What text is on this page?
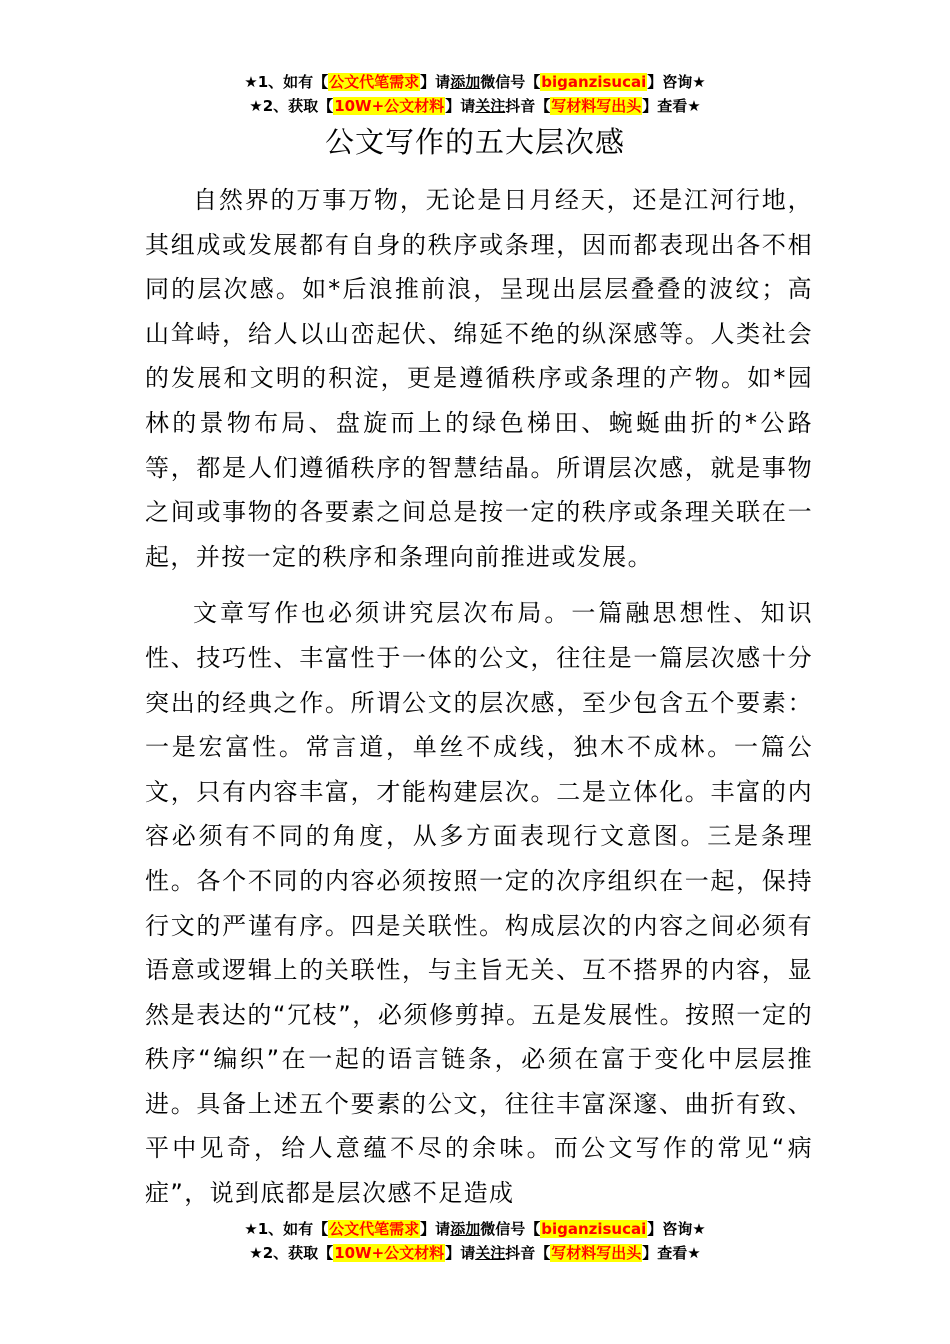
★1、如有【公文代笔需求】请添加微信号【biganzisucai】咨询★
★2、获取【10W+公文材料】请关注抖音【写材料写出头】查看★
公文写作的五大层次感

自然界的万事万物，无论是日月经天，还是江河行地，其组成或发展都有自身的秩序或条理，因而都表现出各不相同的层次感。如*后浪推前浪，呈现出层层叠叠的波纹；高山耸峙，给人以山峦起伏、绵延不绝的纵深感等。人类社会的发展和文明的积淀，更是遵循秩序或条理的产物。如*园林的景物布局、盘旋而上的绿色梯田、蜿蜒曲折的*公路等，都是人们遵循秩序的智慧结晶。所谓层次感，就是事物之间或事物的各要素之间总是按一定的秩序或条理关联在一起，并按一定的秩序和条理向前推进或发展。

文章写作也必须讲究层次布局。一篇融思想性、知识性、技巧性、丰富性于一体的公文，往往是一篇层次感十分突出的经典之作。所谓公文的层次感，至少包含五个要素：一是宏富性。常言道，单丝不成线，独木不成林。一篇公文，只有内容丰富，才能构建层次。二是立体化。丰富的内容必须有不同的角度，从多方面表现行文意图。三是条理性。各个不同的内容必须按照一定的次序组织在一起，保持行文的严谨有序。四是关联性。构成层次的内容之间必须有语意或逻辑上的关联性，与主旨无关、互不搭界的内容，显然是表达的“冗枝”，必须修剪掉。五是发展性。按照一定的秩序“编织”在一起的语言链条，必须在富于变化中层层推进。具备上述五个要素的公文，往往丰富深邃、曲折有致、平中见奇，给人意蕴不尽的余味。而公文写作的常见“病症”，说到底都是层次感不足造成

★1、如有【公文代笔需求】请添加微信号【biganzisucai】咨询★
★2、获取【10W+公文材料】请关注抖音【写材料写出头】查看★
